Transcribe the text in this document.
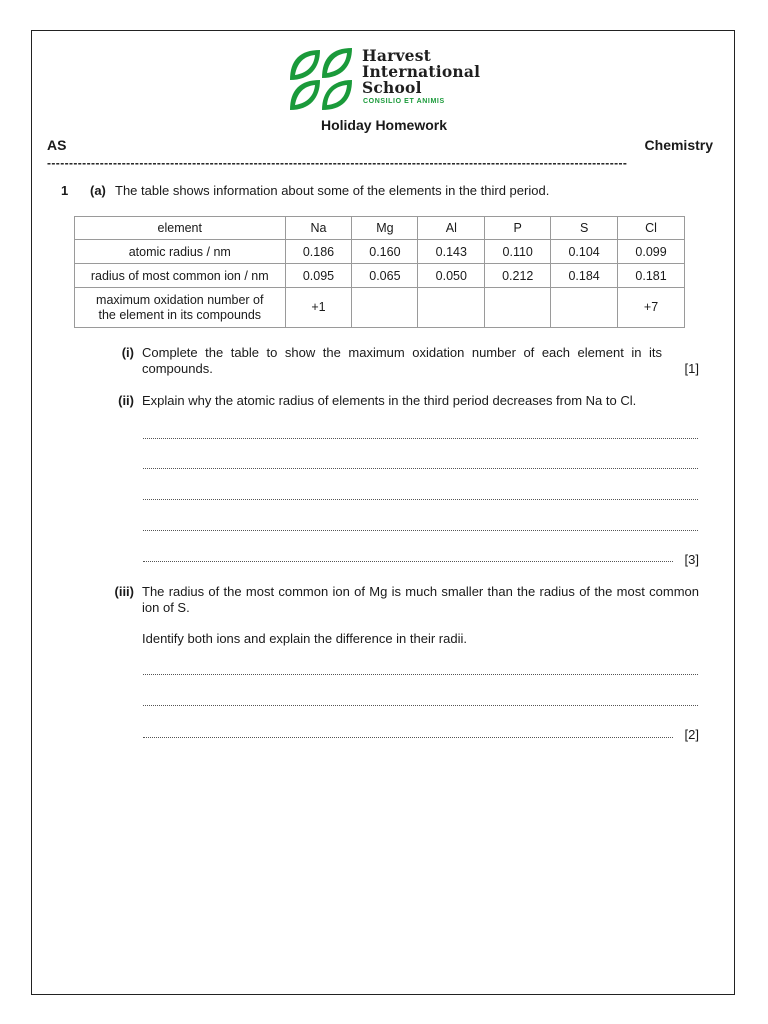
Harvest
International
School
CONSILIO ET ANIMIS
Holiday Homework
AS	Chemistry
------------------------------------------------------------------------------------------------------------------------------------
1 (a) The table shows information about some of the elements in the third period.
element	Na	Mg	Al	P	S	Cl
atomic radius / nm	0.186	0.160	0.143	0.110	0.104	0.099
radius of most common ion / nm	0.095	0.065	0.050	0.212	0.184	0.181
maximum oxidation number of
the element in its compounds	+1					+7
(i) Complete the table to show the maximum oxidation number of each element in its compounds.	[1]
(ii) Explain why the atomic radius of elements in the third period decreases from Na to Cl.
[3]
(iii) The radius of the most common ion of Mg is much smaller than the radius of the most common ion of S.
Identify both ions and explain the difference in their radii.
[2]
